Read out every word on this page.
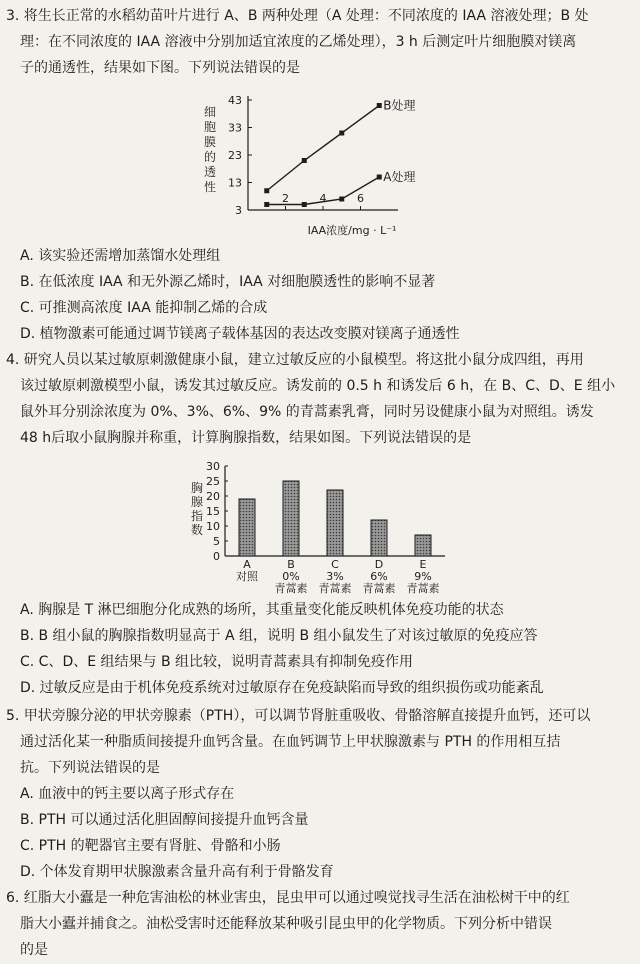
3. 将生长正常的水稻幼苗叶片进行 A、B 两种处理（A 处理：不同浓度的 IAA 溶液处理；B 处
理：在不同浓度的 IAA 溶液中分别加适宜浓度的乙烯处理），3 h 后测定叶片细胞膜对镁离
子的通透性，结果如下图。下列说法错误的是
细
胞
膜
的
透
性
3
13
23
33
43
2	4	6
IAA浓度/mg · L⁻¹
B处理
A处理
A. 该实验还需增加蒸馏水处理组
B. 在低浓度 IAA 和无外源乙烯时，IAA 对细胞膜透性的影响不显著
C. 可推测高浓度 IAA 能抑制乙烯的合成
D. 植物激素可能通过调节镁离子载体基因的表达改变膜对镁离子通透性
4. 研究人员以某过敏原刺激健康小鼠，建立过敏反应的小鼠模型。将这批小鼠分成四组，再用
该过敏原刺激模型小鼠，诱发其过敏反应。诱发前的 0.5 h 和诱发后 6 h，在 B、C、D、E 组小
鼠外耳分别涂浓度为 0%、3%、6%、9% 的青蒿素乳膏，同时另设健康小鼠为对照组。诱发
48 h后取小鼠胸腺并称重，计算胸腺指数，结果如图。下列说法错误的是
胸
腺
指
数
0
5
10
15
20
25
30
A
对照
B
0%
青蒿素
C
3%
青蒿素
D
6%
青蒿素
E
9%
青蒿素
A. 胸腺是 T 淋巴细胞分化成熟的场所，其重量变化能反映机体免疫功能的状态
B. B 组小鼠的胸腺指数明显高于 A 组，说明 B 组小鼠发生了对该过敏原的免疫应答
C. C、D、E 组结果与 B 组比较，说明青蒿素具有抑制免疫作用
D. 过敏反应是由于机体免疫系统对过敏原存在免疫缺陷而导致的组织损伤或功能紊乱
5. 甲状旁腺分泌的甲状旁腺素（PTH），可以调节肾脏重吸收、骨骼溶解直接提升血钙，还可以
通过活化某一种脂质间接提升血钙含量。在血钙调节上甲状腺激素与 PTH 的作用相互拮
抗。下列说法错误的是
A. 血液中的钙主要以离子形式存在
B. PTH 可以通过活化胆固醇间接提升血钙含量
C. PTH 的靶器官主要有肾脏、骨骼和小肠
D. 个体发育期甲状腺激素含量升高有利于骨骼发育
6. 红脂大小蠹是一种危害油松的林业害虫，昆虫甲可以通过嗅觉找寻生活在油松树干中的红
脂大小蠹并捕食之。油松受害时还能释放某种吸引昆虫甲的化学物质。下列分析中错误
的是
